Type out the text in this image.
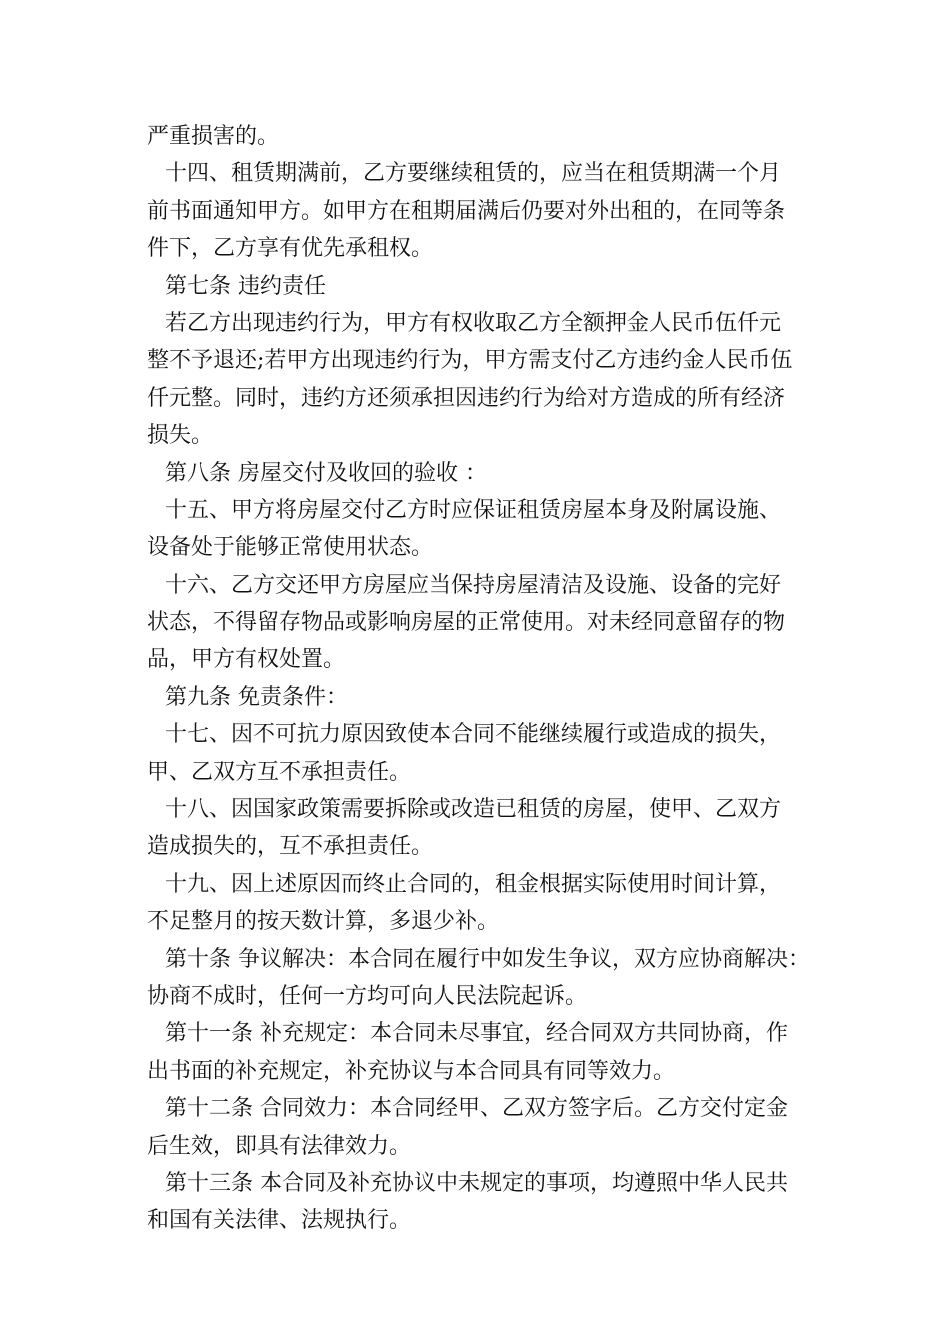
严重损害的。
十四、租赁期满前，乙方要继续租赁的，应当在租赁期满一个月
前书面通知甲方。如甲方在租期届满后仍要对外出租的，在同等条
件下，乙方享有优先承租权。
第七条 违约责任
若乙方出现违约行为，甲方有权收取乙方全额押金人民币伍仟元
整不予退还;若甲方出现违约行为，甲方需支付乙方违约金人民币伍
仟元整。同时，违约方还须承担因违约行为给对方造成的所有经济
损失。
第八条 房屋交付及收回的验收 ：
十五、甲方将房屋交付乙方时应保证租赁房屋本身及附属设施、
设备处于能够正常使用状态。
十六、乙方交还甲方房屋应当保持房屋清洁及设施、设备的完好
状态，不得留存物品或影响房屋的正常使用。对未经同意留存的物
品，甲方有权处置。
第九条 免责条件：
十七、因不可抗力原因致使本合同不能继续履行或造成的损失，
甲、乙双方互不承担责任。
十八、因国家政策需要拆除或改造已租赁的房屋，使甲、乙双方
造成损失的，互不承担责任。
十九、因上述原因而终止合同的，租金根据实际使用时间计算，
不足整月的按天数计算，多退少补。
第十条 争议解决：本合同在履行中如发生争议，双方应协商解决：
协商不成时，任何一方均可向人民法院起诉。
第十一条 补充规定：本合同未尽事宜，经合同双方共同协商，作
出书面的补充规定，补充协议与本合同具有同等效力。
第十二条 合同效力：本合同经甲、乙双方签字后。乙方交付定金
后生效，即具有法律效力。
第十三条 本合同及补充协议中未规定的事项，均遵照中华人民共
和国有关法律、法规执行。
